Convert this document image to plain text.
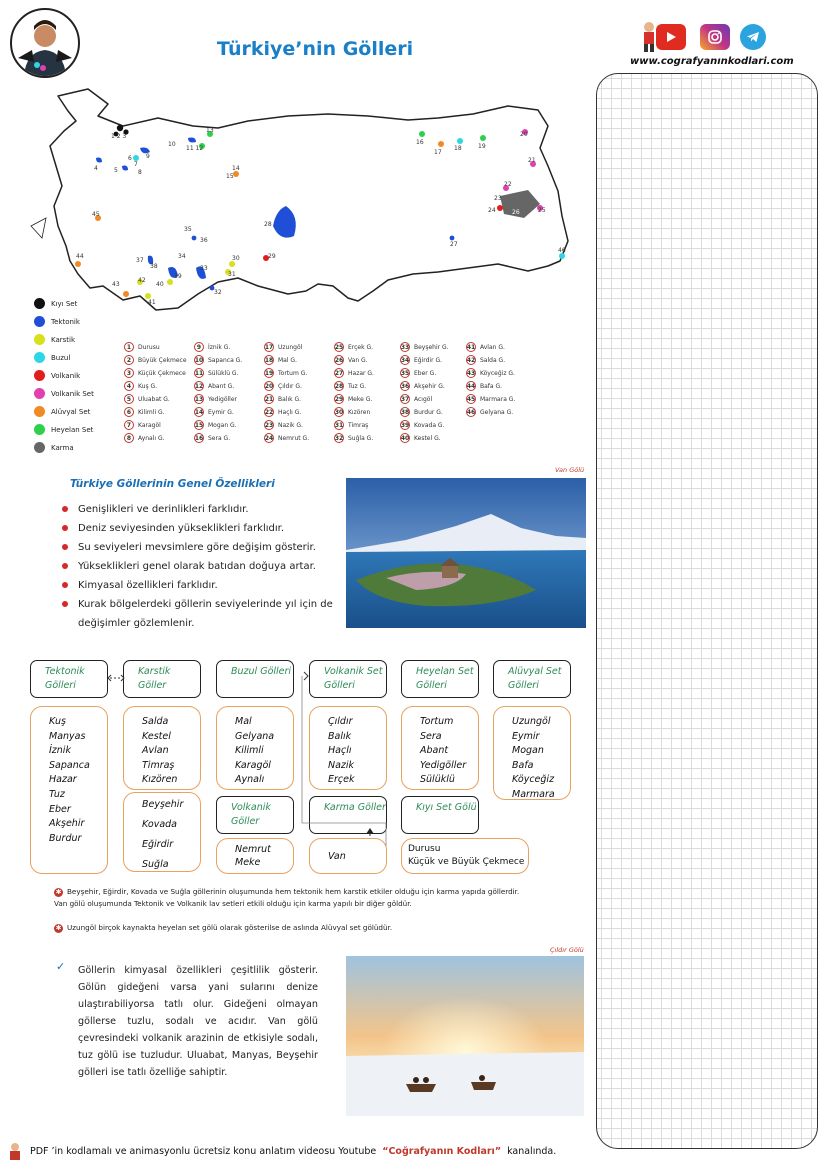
Türkiye’nin Gölleri
www.cografyanınkodlari.com
1 2 3
10
11 12
13
14
15
16
17
18	19
20
21
22
23
24	25
26
27
28
29
30
31
32
33
34
35
36
37
38
39
40
41
42
43
44
45
46
4	5
6
7
8
9
Kıyı Set
Tektonik
Karstik
Buzul
Volkanik
Volkanik Set
Alüvyal Set
Heyelan Set
Karma
1	Durusu
2	Büyük Çekmece
3	Küçük Çekmece
4	Kuş G.
5	Uluabat G.
6	Kilimli G.
7	Karagöl
8	Aynalı G.
9	İznik G.
10 Sapanca G.
11 Sülüklü G.
12 Abant G.
13 Yedigöller
14 Eymir G.
15 Mogan G.
16 Sera G.
17 Uzungöl
18 Mal G.
19 Tortum G.
20 Çıldır G.
21 Balık G.
22 Haçlı G.
23 Nazik G.
24 Nemrut G.
25 Erçek G.
26 Van G.
27 Hazar G.
28 Tuz G.
29 Meke G.
30 Kızören
31 Timraş
32 Suğla G.
33 Beyşehir G.
34 Eğirdir G.
35 Eber G.
36 Akşehir G.
37 Acıgöl
38 Burdur G.
39 Kovada G.
40 Kestel G.
41 Avlan G.
42 Salda G.
43 Köyceğiz G.
44 Bafa G.
45 Marmara G.
46 Gelyana G.
Türkiye Göllerinin Genel Özellikleri
Genişlikleri ve derinlikleri farklıdır.
Deniz seviyesinden yükseklikleri farklıdır.
Su seviyeleri mevsimlere göre değişim gösterir.
Yükseklikleri genel olarak batıdan doğuya artar.
Kimyasal özellikleri farklıdır.
Kurak bölgelerdeki göllerin seviyelerinde yıl için de değişimler gözlemlenir.
Van Gölü
Tektonik Gölleri
Karstik Göller
Buzul Gölleri	Volkanik Set Gölleri
Heyelan Set Gölleri
Alüvyal Set Gölleri
Kuş
Manyas
İznik
Sapanca
Hazar
Tuz
Eber
Akşehir
Burdur
Salda
Kestel
Avlan
Timraş
Kızören
Beyşehir
Kovada
Eğirdir
Suğla
Mal
Gelyana
Kilimli
Karagöl
Aynalı
Çıldır
Balık
Haçlı
Nazik
Erçek
Tortum
Sera
Abant
Yedigöller
Sülüklü
Uzungöl
Eymir
Mogan
Bafa
Köyceğiz
Marmara
Volkanik Göller
Karma Göller	Kıyı Set Gölü
Nemrut
Meke
Van
Durusu
Küçük ve Büyük Çekmece
✱ Beyşehir, Eğirdir, Kovada ve Suğla göllerinin oluşumunda hem tektonik hem karstik etkiler olduğu için karma yapıda göllerdir. Van gölü oluşumunda Tektonik ve Volkanik lav setleri etkili olduğu için karma yapılı bir diğer göldür.
✱ Uzungöl birçok kaynakta heyelan set gölü olarak gösterilse de aslında Alüvyal set gölüdür.
✓ Göllerin kimyasal özellikleri çeşitlilik gösterir. Gölün gideğeni varsa yani sularını denize ulaştırabiliyorsa tatlı olur. Gideğeni olmayan göllerse tuzlu, sodalı ve acıdır. Van gölü çevresindeki volkanik arazinin de etkisiyle sodalı, tuz gölü ise tuzludur. Uluabat, Manyas, Beyşehir gölleri ise tatlı özelliğe sahiptir.
Çıldır Gölü
PDF ’in kodlamalı ve animasyonlu ücretsiz konu anlatım videosu Youtube “Coğrafyanın Kodları” kanalında.
